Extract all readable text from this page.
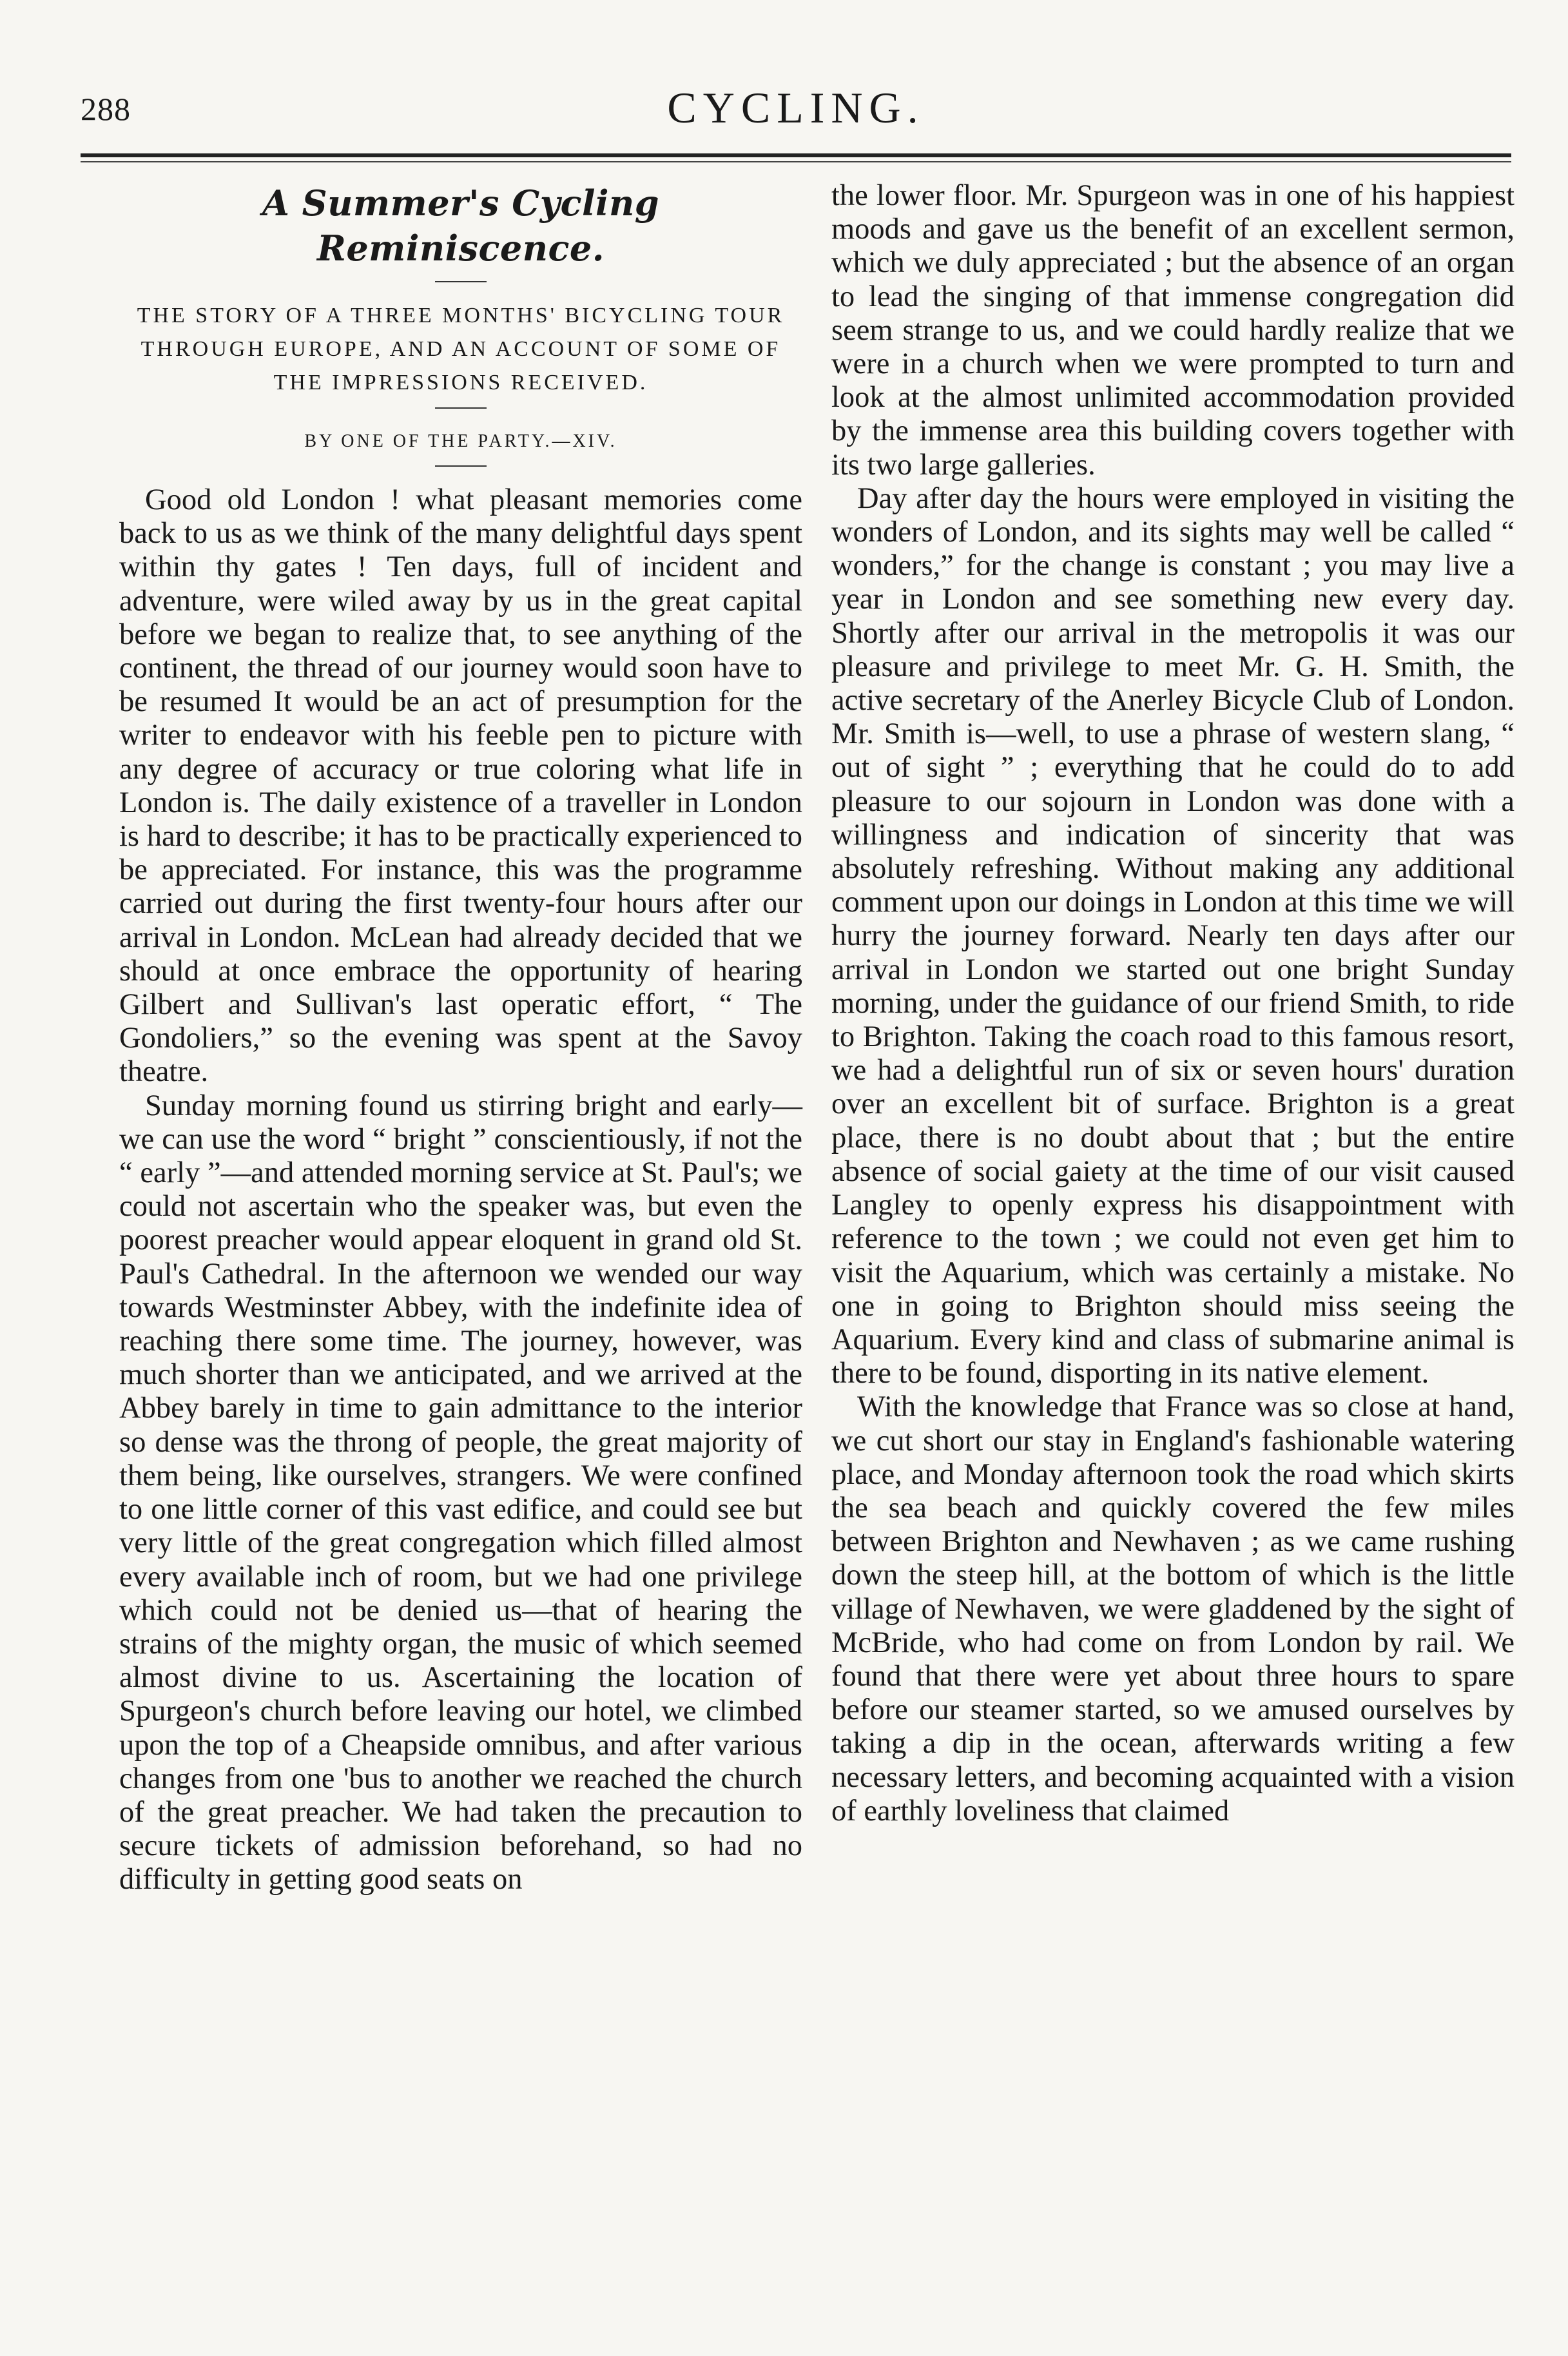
288	CYCLING.
A Summer's Cycling Reminiscence.
THE STORY OF A THREE MONTHS' BICYCLING TOUR THROUGH EUROPE, AND AN ACCOUNT OF SOME OF THE IMPRESSIONS RECEIVED.
BY ONE OF THE PARTY.—XIV.

Good old London ! what pleasant memories come back to us as we think of the many delightful days spent within thy gates ! Ten days, full of incident and adventure, were wiled away by us in the great capital before we began to realize that, to see anything of the continent, the thread of our journey would soon have to be resumed It would be an act of presumption for the writer to endeavor with his feeble pen to picture with any degree of accuracy or true coloring what life in London is. The daily existence of a traveller in London is hard to describe; it has to be practically experienced to be appreciated. For instance, this was the programme carried out during the first twenty-four hours after our arrival in London. McLean had already decided that we should at once embrace the opportunity of hearing Gilbert and Sullivan's last operatic effort, “ The Gondoliers,” so the evening was spent at the Savoy theatre.

Sunday morning found us stirring bright and early—we can use the word “ bright ” conscientiously, if not the “ early ”—and attended morning service at St. Paul's; we could not ascertain who the speaker was, but even the poorest preacher would appear eloquent in grand old St. Paul's Cathedral. In the afternoon we wended our way towards Westminster Abbey, with the indefinite idea of reaching there some time. The journey, however, was much shorter than we anticipated, and we arrived at the Abbey barely in time to gain admittance to the interior so dense was the throng of people, the great majority of them being, like ourselves, strangers. We were confined to one little corner of this vast edifice, and could see but very little of the great congregation which filled almost every available inch of room, but we had one privilege which could not be denied us—that of hearing the strains of the mighty organ, the music of which seemed almost divine to us. Ascertaining the location of Spurgeon's church before leaving our hotel, we climbed upon the top of a Cheapside omnibus, and after various changes from one 'bus to another we reached the church of the great preacher. We had taken the precaution to secure tickets of admission beforehand, so had no difficulty in getting good seats on

the lower floor. Mr. Spurgeon was in one of his happiest moods and gave us the benefit of an excellent sermon, which we duly appreciated ; but the absence of an organ to lead the singing of that immense congregation did seem strange to us, and we could hardly realize that we were in a church when we were prompted to turn and look at the almost unlimited accommodation provided by the immense area this building covers together with its two large galleries.

Day after day the hours were employed in visiting the wonders of London, and its sights may well be called “ wonders,” for the change is constant ; you may live a year in London and see something new every day. Shortly after our arrival in the metropolis it was our pleasure and privilege to meet Mr. G. H. Smith, the active secretary of the Anerley Bicycle Club of London. Mr. Smith is—well, to use a phrase of western slang, “ out of sight ” ; everything that he could do to add pleasure to our sojourn in London was done with a willingness and indication of sincerity that was absolutely refreshing. Without making any additional comment upon our doings in London at this time we will hurry the journey forward. Nearly ten days after our arrival in London we started out one bright Sunday morning, under the guidance of our friend Smith, to ride to Brighton. Taking the coach road to this famous resort, we had a delightful run of six or seven hours' duration over an excellent bit of surface. Brighton is a great place, there is no doubt about that ; but the entire absence of social gaiety at the time of our visit caused Langley to openly express his disappointment with reference to the town ; we could not even get him to visit the Aquarium, which was certainly a mistake. No one in going to Brighton should miss seeing the Aquarium. Every kind and class of submarine animal is there to be found, disporting in its native element.

With the knowledge that France was so close at hand, we cut short our stay in England's fashionable watering place, and Monday afternoon took the road which skirts the sea beach and quickly covered the few miles between Brighton and Newhaven ; as we came rushing down the steep hill, at the bottom of which is the little village of Newhaven, we were gladdened by the sight of McBride, who had come on from London by rail. We found that there were yet about three hours to spare before our steamer started, so we amused ourselves by taking a dip in the ocean, afterwards writing a few necessary letters, and becoming acquainted with a vision of earthly loveliness that claimed
